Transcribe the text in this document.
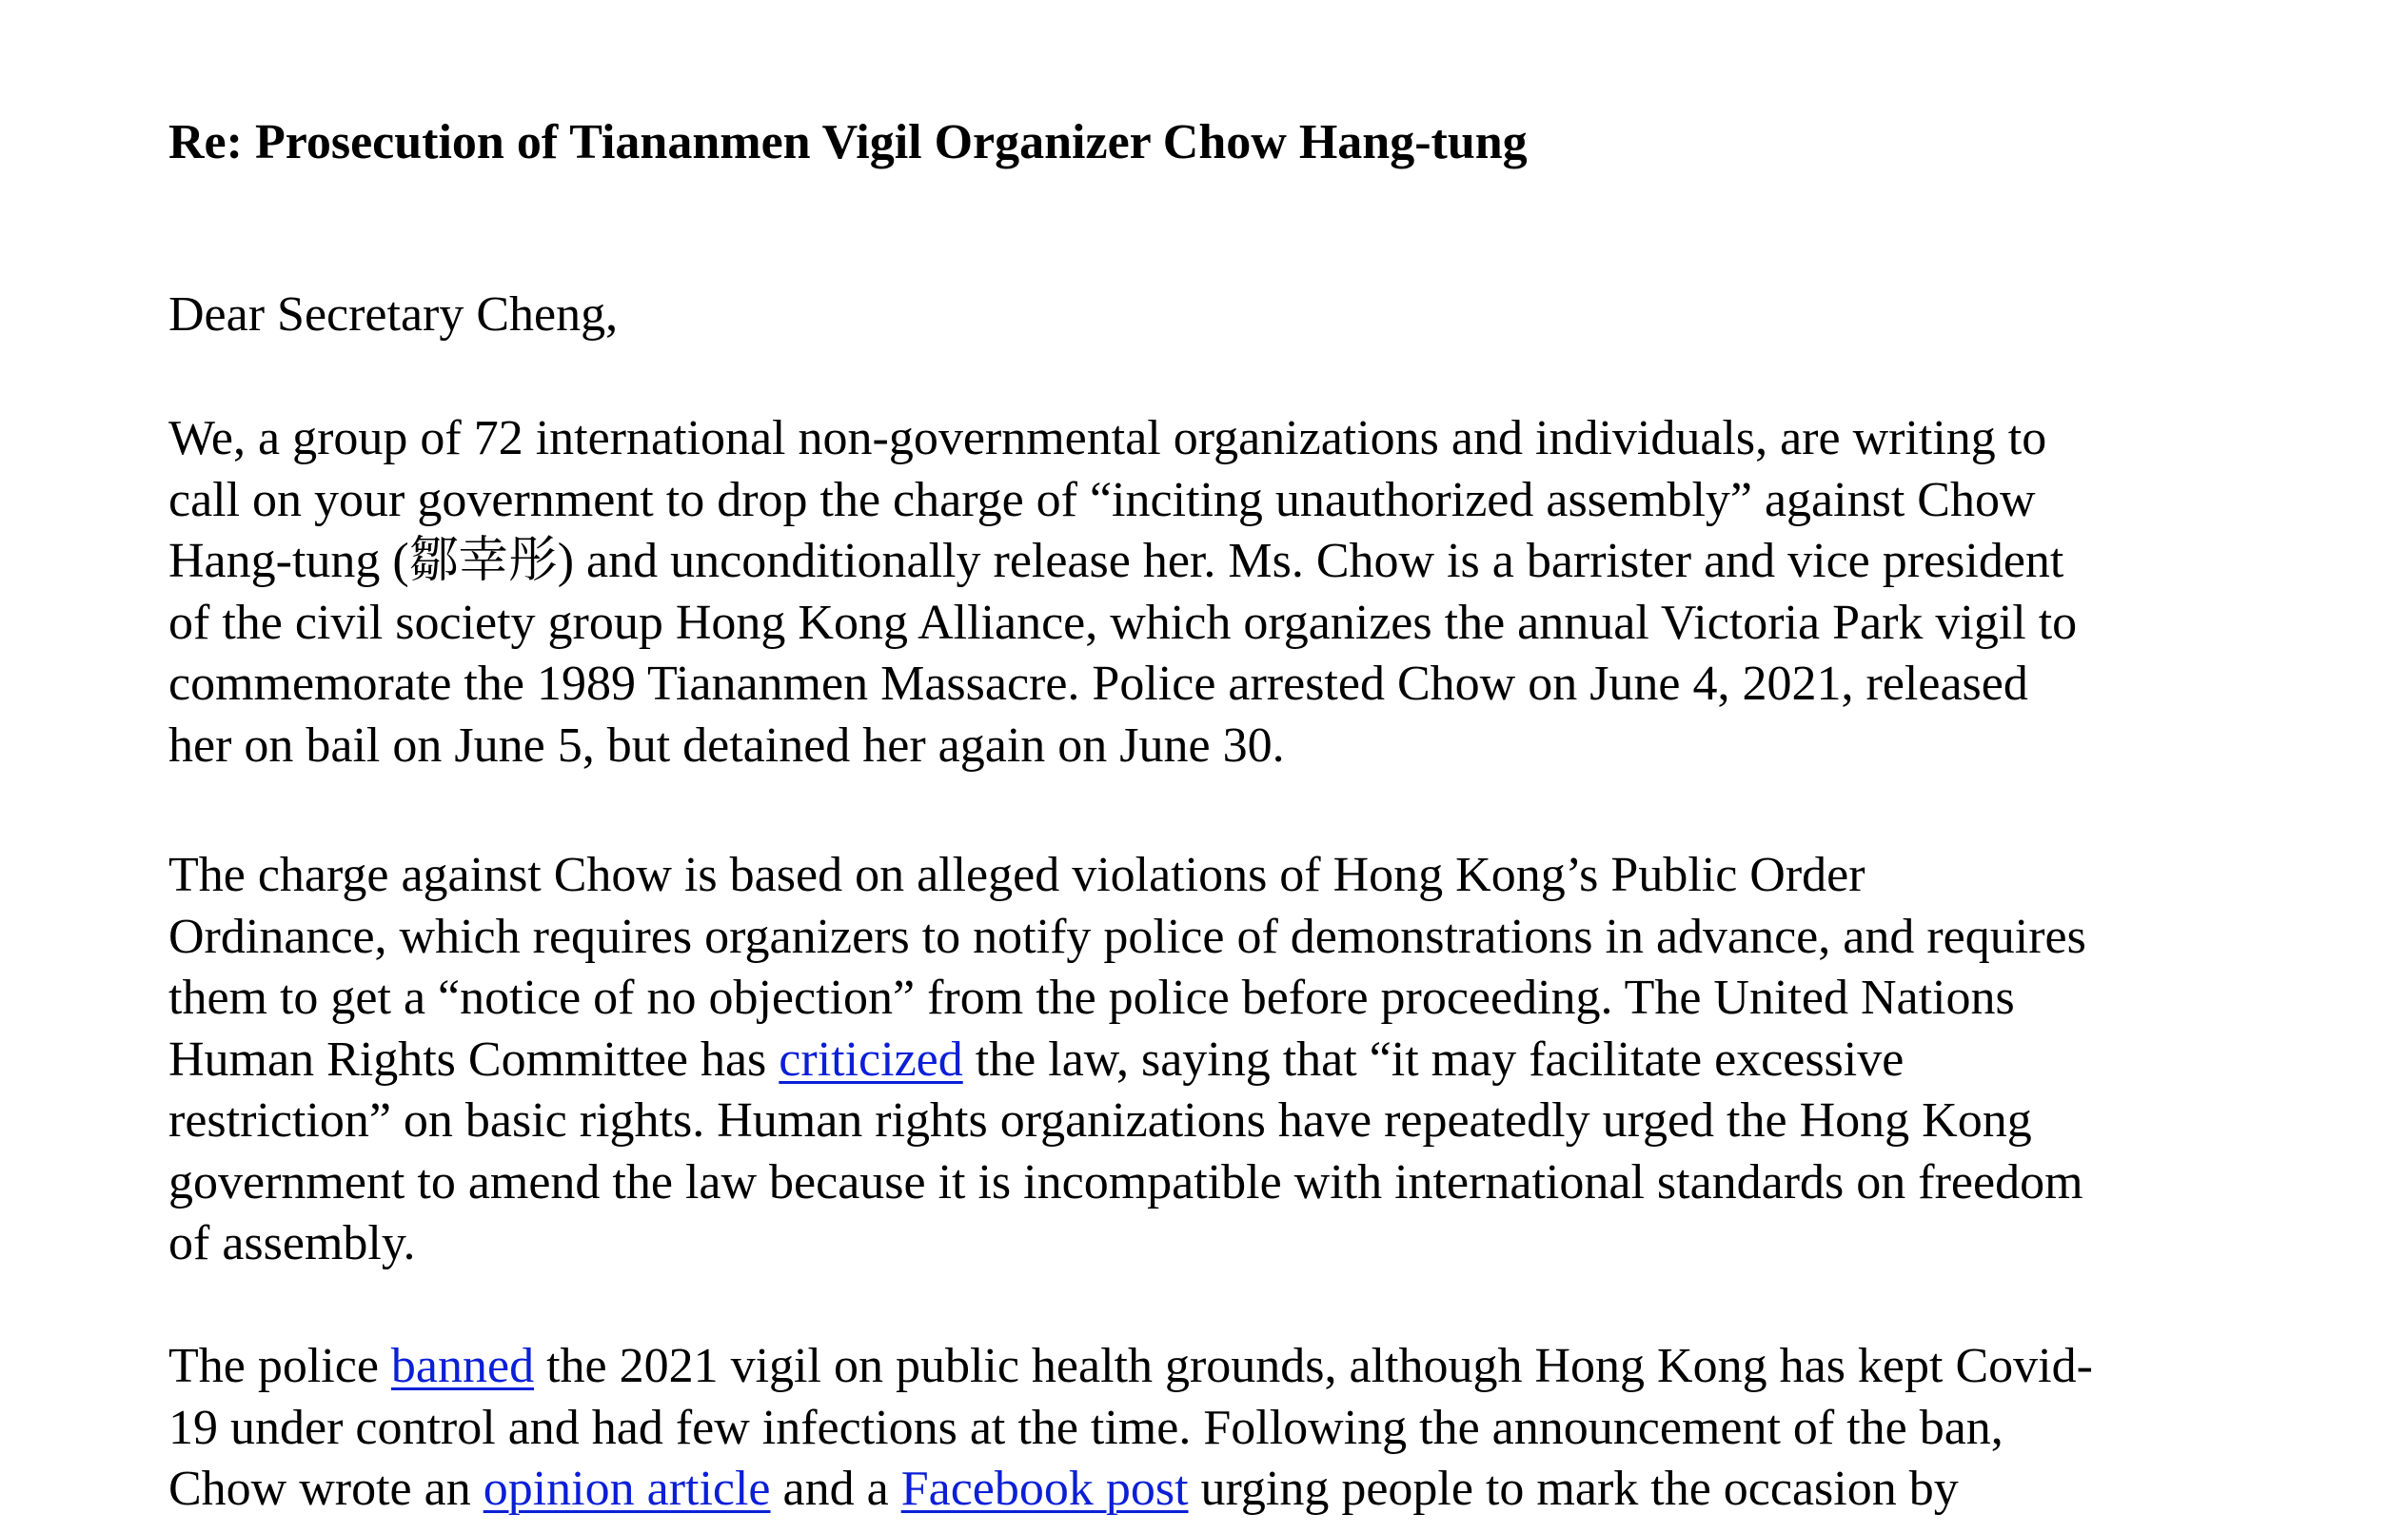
Re: Prosecution of Tiananmen Vigil Organizer Chow Hang-tung

Dear Secretary Cheng,

We, a group of 72 international non-governmental organizations and individuals, are writing to
call on your government to drop the charge of “inciting unauthorized assembly” against Chow
Hang-tung (鄒幸彤) and unconditionally release her. Ms. Chow is a barrister and vice president
of the civil society group Hong Kong Alliance, which organizes the annual Victoria Park vigil to
commemorate the 1989 Tiananmen Massacre. Police arrested Chow on June 4, 2021, released
her on bail on June 5, but detained her again on June 30.

The charge against Chow is based on alleged violations of Hong Kong’s Public Order
Ordinance, which requires organizers to notify police of demonstrations in advance, and requires
them to get a “notice of no objection” from the police before proceeding. The United Nations
Human Rights Committee has criticized the law, saying that “it may facilitate excessive
restriction” on basic rights. Human rights organizations have repeatedly urged the Hong Kong
government to amend the law because it is incompatible with international standards on freedom
of assembly.

The police banned the 2021 vigil on public health grounds, although Hong Kong has kept Covid-
19 under control and had few infections at the time. Following the announcement of the ban,
Chow wrote an opinion article and a Facebook post urging people to mark the occasion by
